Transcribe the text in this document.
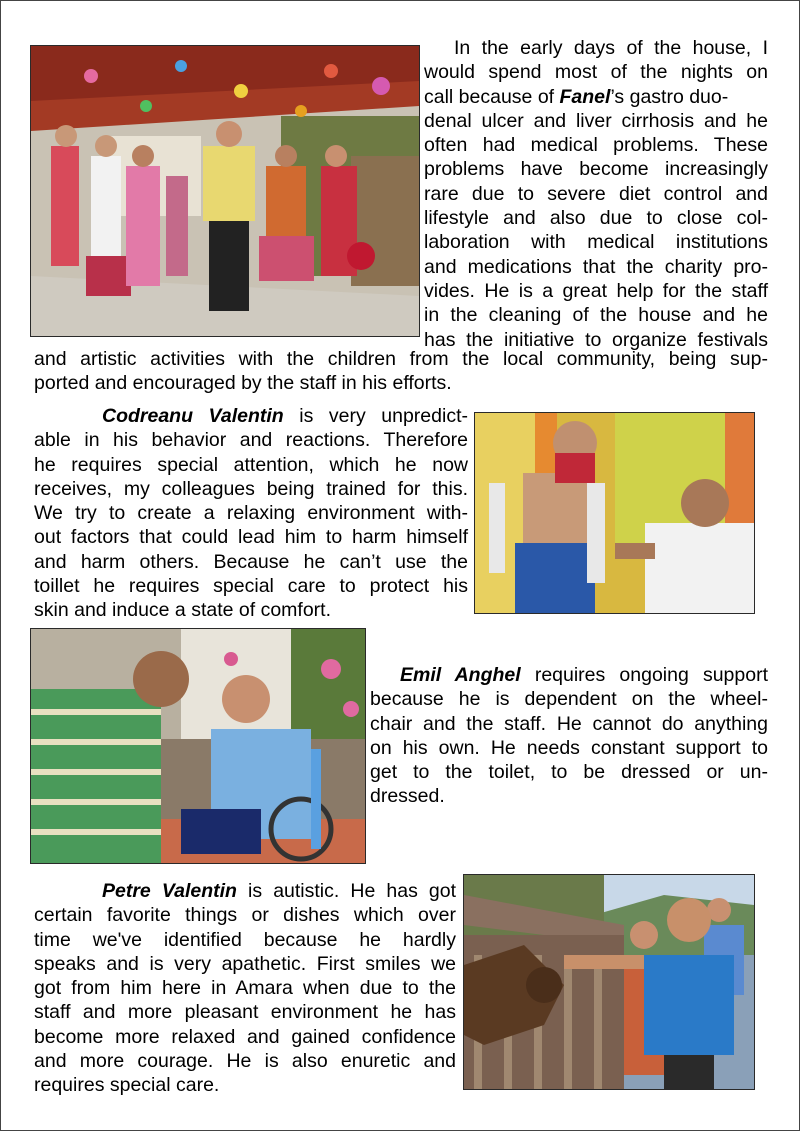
In the early days of the house, I
would spend most of the nights on
call because of Fanel’s gastro duo-
denal ulcer and liver cirrhosis and he
often had medical problems. These
problems have become increasingly
rare due to severe diet control and
lifestyle and also due to close col-
laboration with medical institutions
and medications that the charity pro-
vides. He is a great help for the staff
in the cleaning of the house and he
has the initiative to organize festivals
and artistic activities with the children from the local community, being sup-
ported and encouraged by the staff in his efforts.
Codreanu Valentin is very unpredict-
able in his behavior and reactions. Therefore
he requires special attention, which he now
receives, my colleagues being trained for this.
We try to create a relaxing environment with-
out factors that could lead him to harm himself
and harm others. Because he can’t use the
toillet he requires special care to protect his
skin and induce a state of comfort.
Emil Anghel requires ongoing support
because he is dependent on the wheel-
chair and the staff. He cannot do anything
on his own. He needs constant support to
get to the toilet, to be dressed or un-
dressed.
Petre Valentin is autistic. He has got
certain favorite things or dishes which over
time we've identified because he hardly
speaks and is very apathetic. First smiles we
got from him here in Amara when due to the
staff and more pleasant environment he has
become more relaxed and gained confidence
and more courage. He is also enuretic and
requires special care.
